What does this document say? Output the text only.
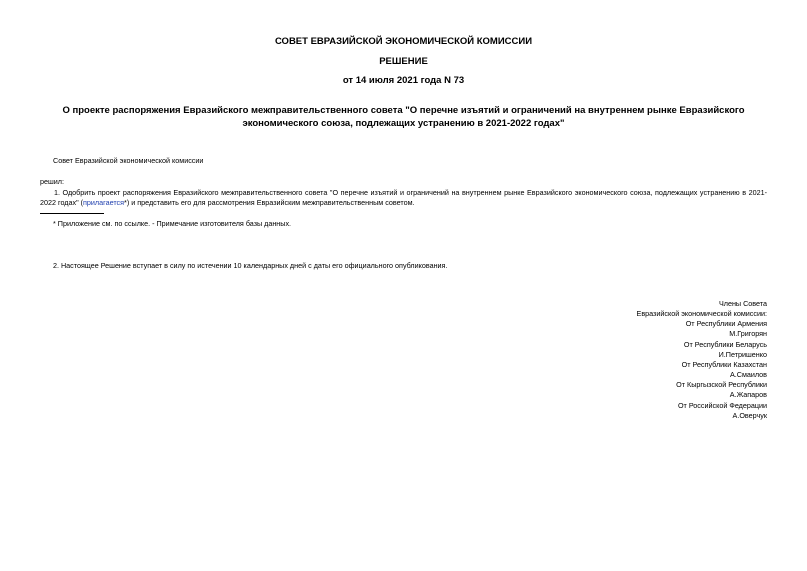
СОВЕТ ЕВРАЗИЙСКОЙ ЭКОНОМИЧЕСКОЙ КОМИССИИ
РЕШЕНИЕ
от 14 июля 2021 года N 73
О проекте распоряжения Евразийского межправительственного совета "О перечне изъятий и ограничений на внутреннем рынке Евразийского экономического союза, подлежащих устранению в 2021-2022 годах"
Совет Евразийской экономической комиссии
решил:
1. Одобрить проект распоряжения Евразийского межправительственного совета "О перечне изъятий и ограничений на внутреннем рынке Евразийского экономического союза, подлежащих устранению в 2021-2022 годах" (прилагается*) и представить его для рассмотрения Евразийским межправительственным советом.
* Приложение см. по ссылке. - Примечание изготовителя базы данных.
2. Настоящее Решение вступает в силу по истечении 10 календарных дней с даты его официального опубликования.
Члены Совета
Евразийской экономической комиссии:
От Республики Армения
М.Григорян
От Республики Беларусь
И.Петришенко
От Республики Казахстан
А.Смаилов
От Кыргызской Республики
А.Жапаров
От Российской Федерации
А.Оверчук
